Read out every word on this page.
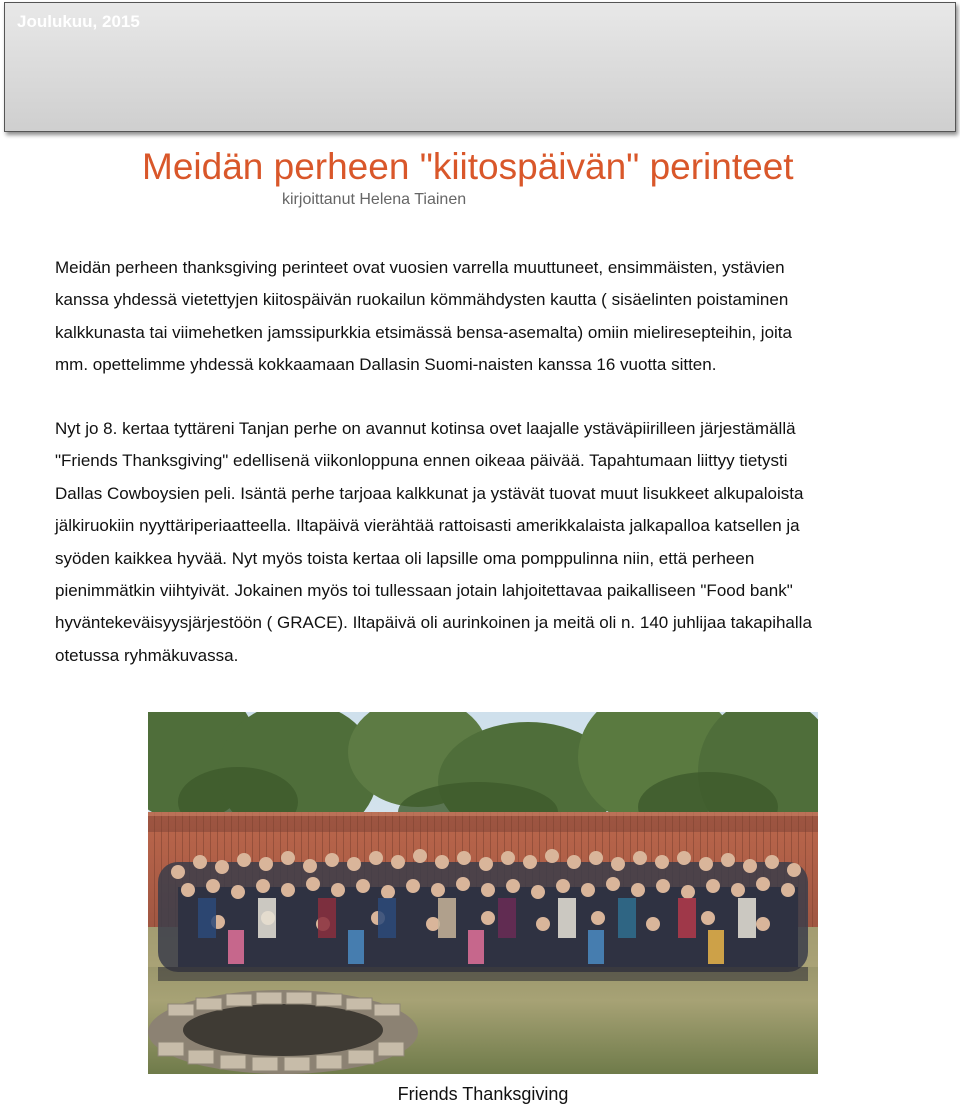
Joulukuu, 2015
Meidän perheen "kiitospäivän" perinteet
kirjoittanut Helena Tiainen

Meidän perheen thanksgiving perinteet ovat vuosien varrella muuttuneet, ensimmäisten, ystävien
kanssa yhdessä vietettyjen kiitospäivän ruokailun kömmähdysten kautta ( sisäelinten poistaminen
kalkkunasta tai viimehetken jamssipurkkia etsimässä bensa-asemalta) omiin mieliresepteihin, joita
mm. opettelimme yhdessä kokkaamaan Dallasin Suomi-naisten kanssa 16 vuotta sitten.

Nyt jo 8. kertaa tyttäreni Tanjan perhe on avannut kotinsa ovet laajalle ystäväpiirilleen järjestämällä
"Friends Thanksgiving" edellisenä viikonloppuna ennen oikeaa päivää. Tapahtumaan liittyy tietysti
Dallas Cowboysien peli. Isäntä perhe tarjoaa kalkkunat ja ystävät tuovat muut lisukkeet alkupaloista
jälkiruokiin nyyttäriperiaatteella. Iltapäivä vierähtää rattoisasti amerikkalaista jalkapalloa katsellen ja
syöden kaikkea hyvää. Nyt myös toista kertaa oli lapsille oma pomppulinna niin, että perheen
pienimmätkin viihtyivät. Jokainen myös toi tullessaan jotain lahjoitettavaa paikalliseen "Food bank"
hyväntekeväisyysjärjestöön ( GRACE). Iltapäivä oli aurinkoinen ja meitä oli n. 140 juhlijaa takapihalla
otetussa ryhmäkuvassa.

Friends Thanksgiving
